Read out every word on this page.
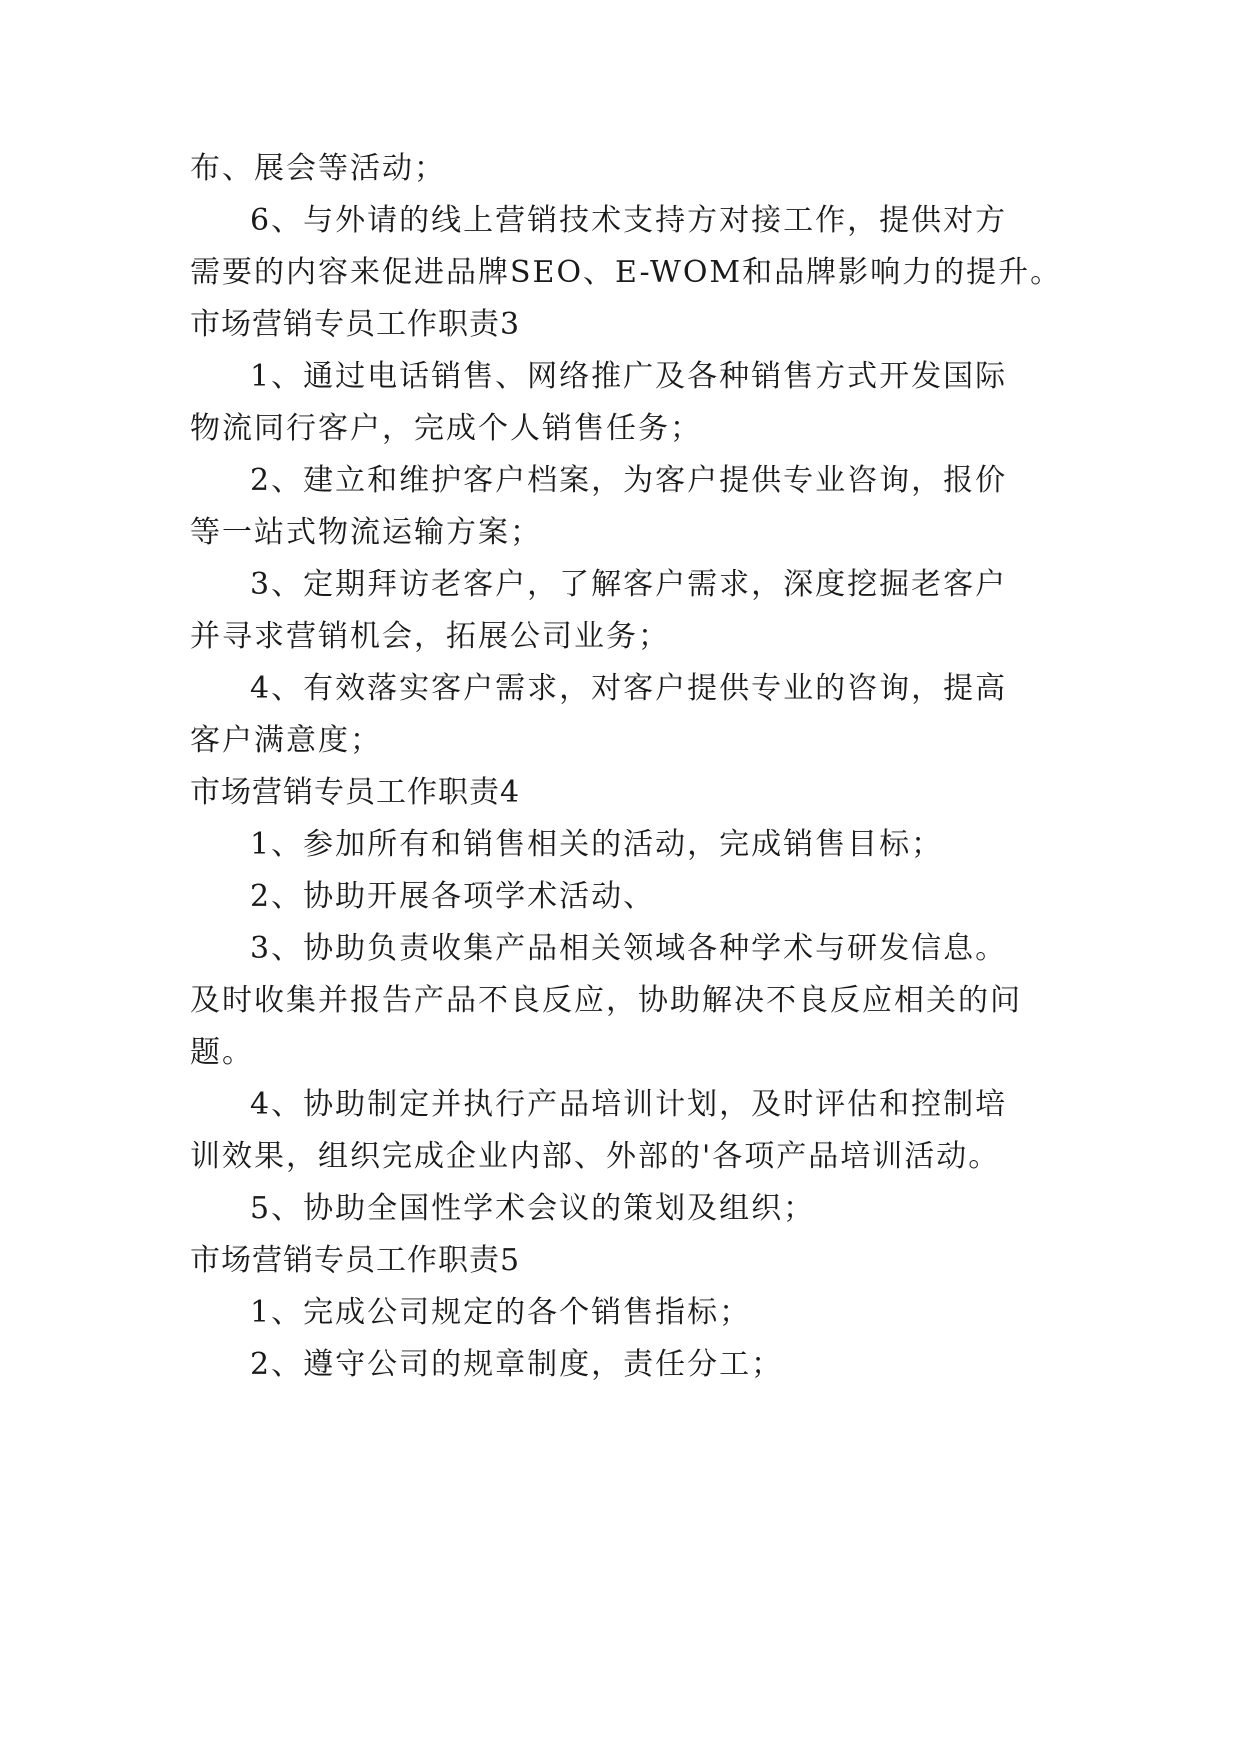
布、展会等活动；
6、与外请的线上营销技术支持方对接工作，提供对方
需要的内容来促进品牌SEO、E-WOM和品牌影响力的提升。
市场营销专员工作职责3
1、通过电话销售、网络推广及各种销售方式开发国际
物流同行客户，完成个人销售任务；
2、建立和维护客户档案，为客户提供专业咨询，报价
等一站式物流运输方案；
3、定期拜访老客户，了解客户需求，深度挖掘老客户
并寻求营销机会，拓展公司业务；
4、有效落实客户需求，对客户提供专业的咨询，提高
客户满意度；
市场营销专员工作职责4
1、参加所有和销售相关的活动，完成销售目标；
2、协助开展各项学术活动、
3、协助负责收集产品相关领域各种学术与研发信息。
及时收集并报告产品不良反应，协助解决不良反应相关的问
题。
4、协助制定并执行产品培训计划，及时评估和控制培
训效果，组织完成企业内部、外部的'各项产品培训活动。
5、协助全国性学术会议的策划及组织；
市场营销专员工作职责5
1、完成公司规定的各个销售指标；
2、遵守公司的规章制度，责任分工；
